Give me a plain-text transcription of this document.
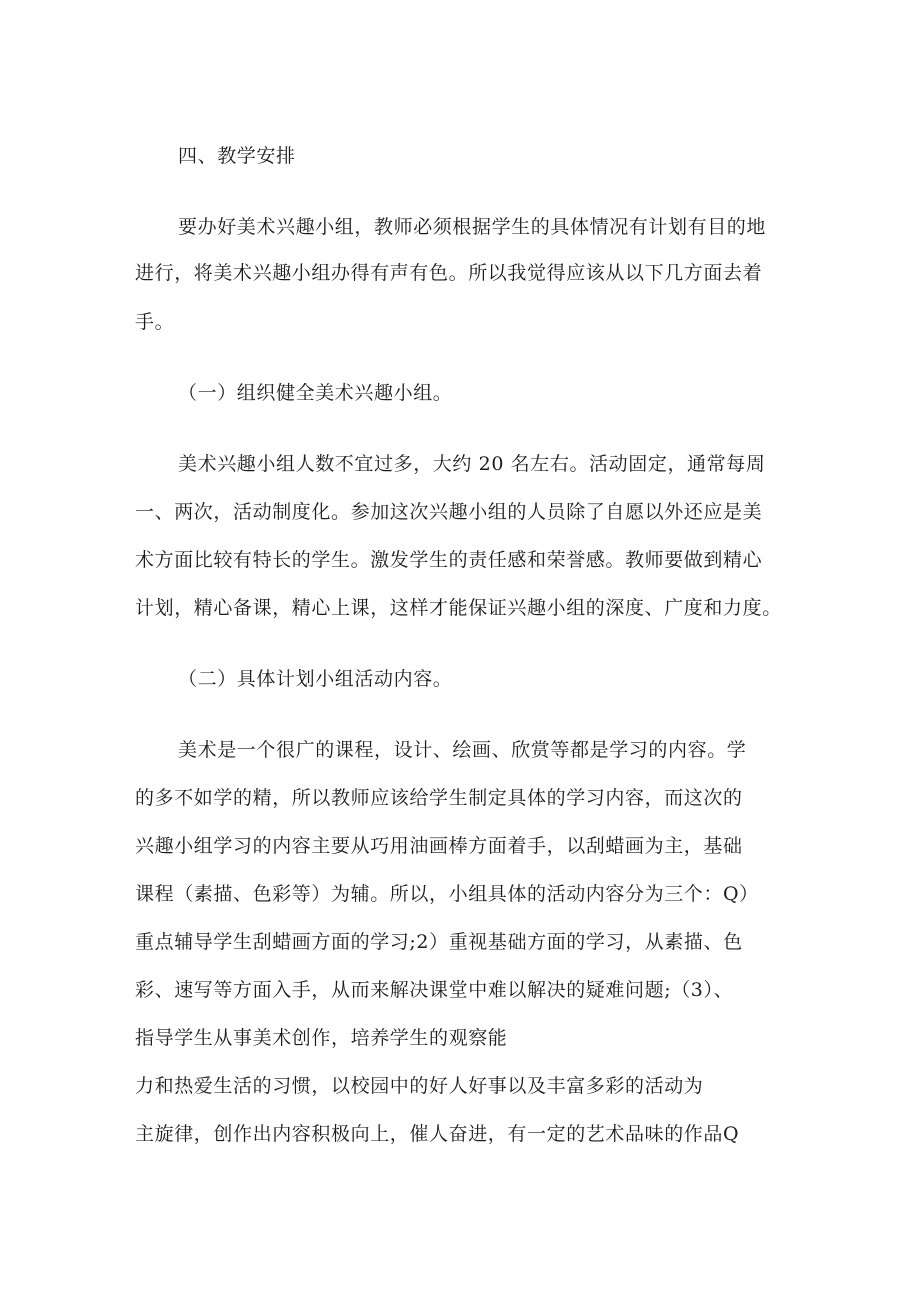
四、教学安排
要办好美术兴趣小组，教师必须根据学生的具体情况有计划有目的地
进行，将美术兴趣小组办得有声有色。所以我觉得应该从以下几方面去着
手。
（一）组织健全美术兴趣小组。
美术兴趣小组人数不宜过多，大约 20 名左右。活动固定，通常每周
一、两次，活动制度化。参加这次兴趣小组的人员除了自愿以外还应是美
术方面比较有特长的学生。激发学生的责任感和荣誉感。教师要做到精心
计划，精心备课，精心上课，这样才能保证兴趣小组的深度、广度和力度。
（二）具体计划小组活动内容。
美术是一个很广的课程，设计、绘画、欣赏等都是学习的内容。学
的多不如学的精，所以教师应该给学生制定具体的学习内容，而这次的
兴趣小组学习的内容主要从巧用油画棒方面着手，以刮蜡画为主，基础
课程（素描、色彩等）为辅。所以，小组具体的活动内容分为三个：Q）
重点辅导学生刮蜡画方面的学习;2）重视基础方面的学习，从素描、色
彩、速写等方面入手，从而来解决课堂中难以解决的疑难问题;（3）、
指导学生从事美术创作，培养学生的观察能
力和热爱生活的习惯，以校园中的好人好事以及丰富多彩的活动为
主旋律，创作出内容积极向上，催人奋进，有一定的艺术品味的作品Q
